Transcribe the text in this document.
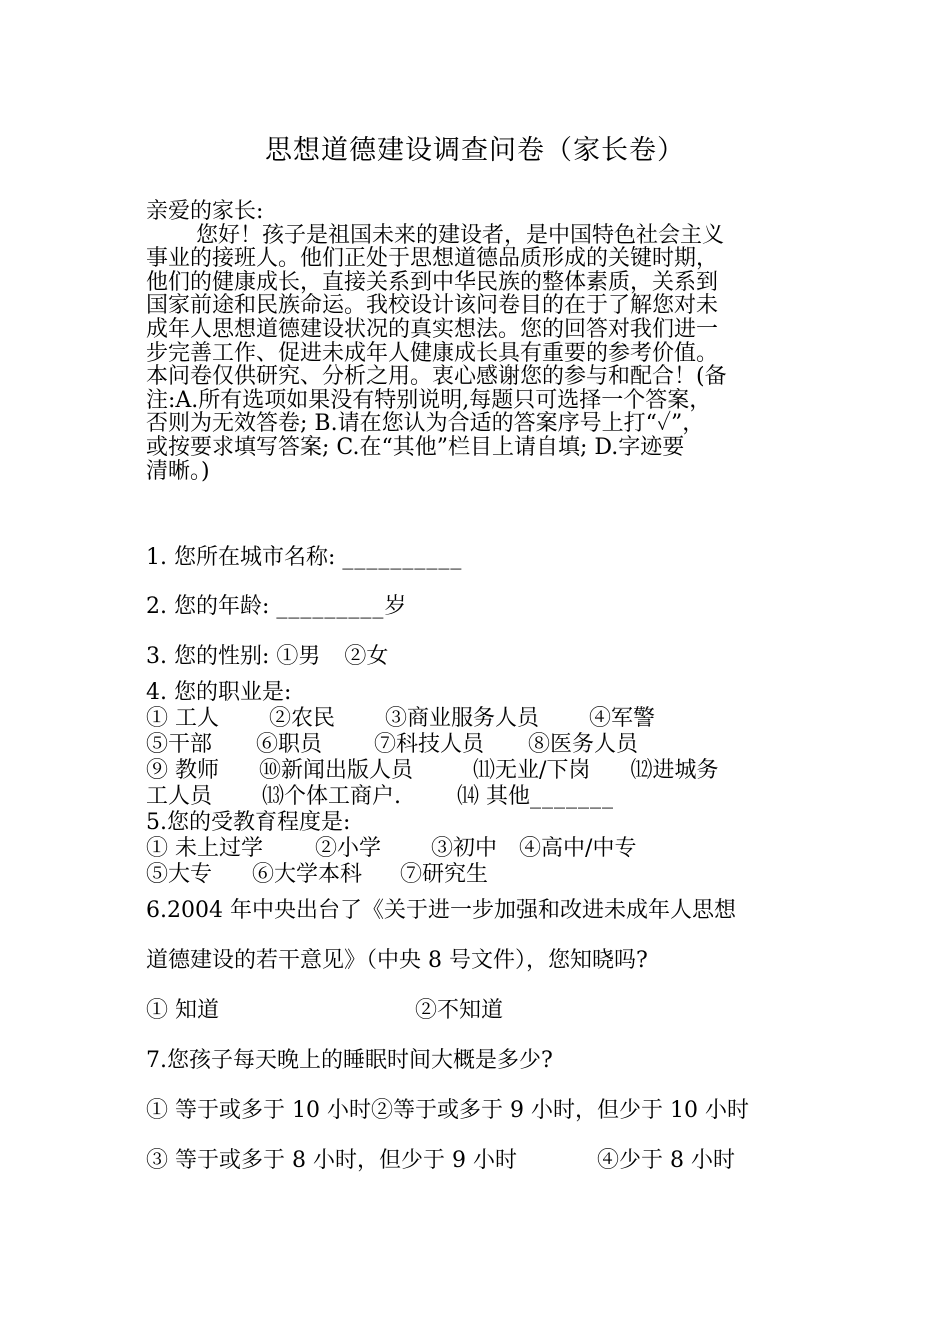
思想道德建设调查问卷（家长卷）
亲爱的家长:
您好！孩子是祖国未来的建设者，是中国特色社会主义
事业的接班人。他们正处于思想道德品质形成的关键时期，
他们的健康成长，直接关系到中华民族的整体素质，关系到
国家前途和民族命运。我校设计该问卷目的在于了解您对未
成年人思想道德建设状况的真实想法。您的回答对我们进一
步完善工作、促进未成年人健康成长具有重要的参考价值。
本问卷仅供研究、分析之用。衷心感谢您的参与和配合！(备
注:A.所有选项如果没有特别说明,每题只可选择一个答案，
否则为无效答卷; B.请在您认为合适的答案序号上打“✓”，
或按要求填写答案; C.在“其他”栏目上请自填; D.字迹要
清晰。)
1. 您所在城市名称: __________
2. 您的年龄: _________岁
3. 您的性别: ①男 ②女
4. 您的职业是:
① 工人 ②农民 ③商业服务人员 ④军警
⑤干部 ⑥职员 ⑦科技人员 ⑧医务人员
⑨ 教师 ⑩新闻出版人员	⑾无业/下岗 ⑿进城务
工人员 ⒀个体工商户.	⒁ 其他_______
5.您的受教育程度是:
① 未上过学 ②小学 ③初中 ④高中/中专
⑤大专 ⑥大学本科 ⑦研究生
6.2004 年中央出台了《关于进一步加强和改进未成年人思想
道德建设的若干意见》（中央 8 号文件），您知晓吗?
① 知道	②不知道
7.您孩子每天晚上的睡眠时间大概是多少?
① 等于或多于 10 小时②等于或多于 9 小时，但少于 10 小时
③ 等于或多于 8 小时，但少于 9 小时	④少于 8 小时
